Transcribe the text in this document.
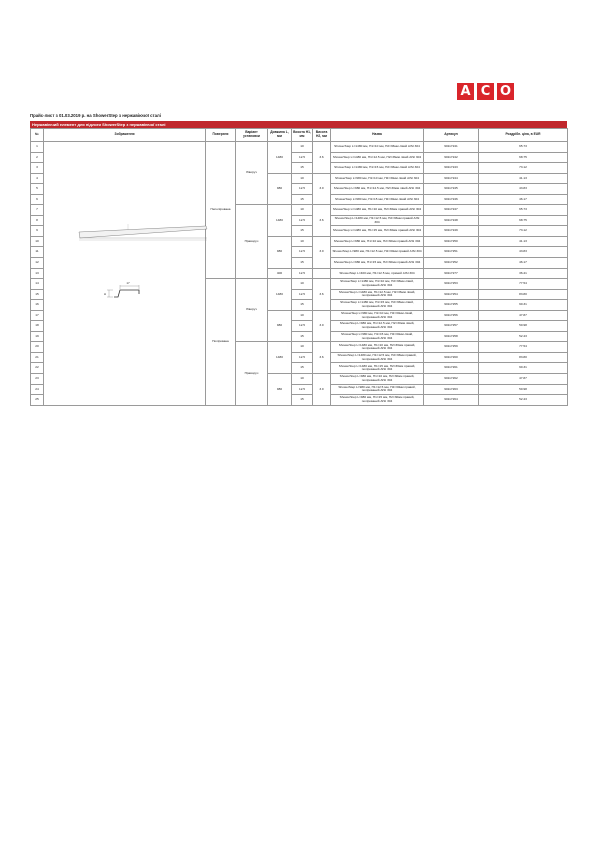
A C O
Прайс-лист з 01.03.2019 р. на ShowerStep з нержавіючої сталі
Нержавіючий елемент для підлоги ShowerStep з нержавіючої сталі
№	Зображення	Поверхня	Варіант установки	Довжина L, мм	Висота H1, мм	Висота H2, мм	Назва	Артикул	Роздрібн. ціна, в EUR
1		Неполірована	Ліворуч	1480	10	3.6	ShowerStep L=1480 мм, H1=10 мм, H2=36мм лівий AISI 304	90117241	65.73
2					12.5		ShowerStep L=1480 мм, H1=12.5 мм, H2=36мм лівий AISI 304	90117242	68.75
3					15		ShowerStep L=1480 мм, H1=15 мм, H2=36мм лівий AISI 304	90117243	73.12
4				980	10	3.0	ShowerStep L=980 мм, H1=10 мм, H2=30мм лівий AISI 304	90117244	41.13
5					12.5		ShowerStep L=980 мм, H1=12.5 мм, H2=30мм лівий AISI 304	90117245	43.83
6					15		ShowerStep L=980 мм, H1=15 мм, H2=30мм лівий AISI 304	90117246	46.17
7			Праворуч	1480	10	3.6	ShowerStep L=1480 мм, H1=10 мм, H2=36мм правий AISI 304	90117247	65.73
8					12.5		ShowerStep L=1480 мм, H1=12.5 мм, H2=36мм правий AISI 304	90117248	68.75
9					15		ShowerStep L=1480 мм, H1=15 мм, H2=36мм правий AISI 304	90117249	73.12
10				980	10	3.0	ShowerStep L=980 мм, H1=10 мм, H2=30мм правий AISI 304	90117250	41.13
11					12.5		ShowerStep L=980 мм, H1=12.5 мм, H2=30мм правий AISI 304	90117251	43.83
12					15		ShowerStep L=980 мм, H1=15 мм, H2=30мм правий AISI 304	90117252	46.17
13				400	12.5		ShowerStep L=400 мм, H1=12.5 мм, прямий AISI 304	90117277	36.41
14		Полірована	Ліворуч	1480	10	3.6	ShowerStep L=1480 мм, H1=10 мм, H2=36мм лівий, полірований AISI 304	90117253	77.54
15					12.5		ShowerStep L=1480 мм, H1=12.5 мм, H2=36мм лівий, полірований AISI 304	90117254	83.80
16					15		ShowerStep L=1480 мм, H1=15 мм, H2=36мм лівий, полірований AISI 304	90117255	90.31
17				980	10	3.0	ShowerStep L=980 мм, H1=10 мм, H2=30мм лівий, полірований AISI 304	90117256	47.87
18					12.5		ShowerStep L=980 мм, H1=12.5 мм, H2=30мм лівий, полірований AISI 304	90117257	50.98
19					15		ShowerStep L=980 мм, H1=15 мм, H2=30мм лівий, полірований AISI 304	90117258	52.43
20			Праворуч	1480	10	3.6	ShowerStep L=1480 мм, H1=10 мм, H2=36мм правий, полірований AISI 304	90117259	77.54
21					12.5		ShowerStep L=1480 мм, H1=12.5 мм, H2=36мм правий, полірований AISI 304	90117260	83.80
22					15		ShowerStep L=1480 мм, H1=15 мм, H2=36мм правий, полірований AISI 304	90117261	90.31
23				980	10	3.0	ShowerStep L=980 мм, H1=10 мм, H2=30мм правий, полірований AISI 304	90117262	47.87
24					12.5		ShowerStep L=980 мм, H1=12.5 мм, H2=30мм правий, полірований AISI 304	90117263	50.98
25					15		ShowerStep L=980 мм, H1=15 мм, H2=30мм правий, полірований AISI 304	90117264	52.43
17
H
